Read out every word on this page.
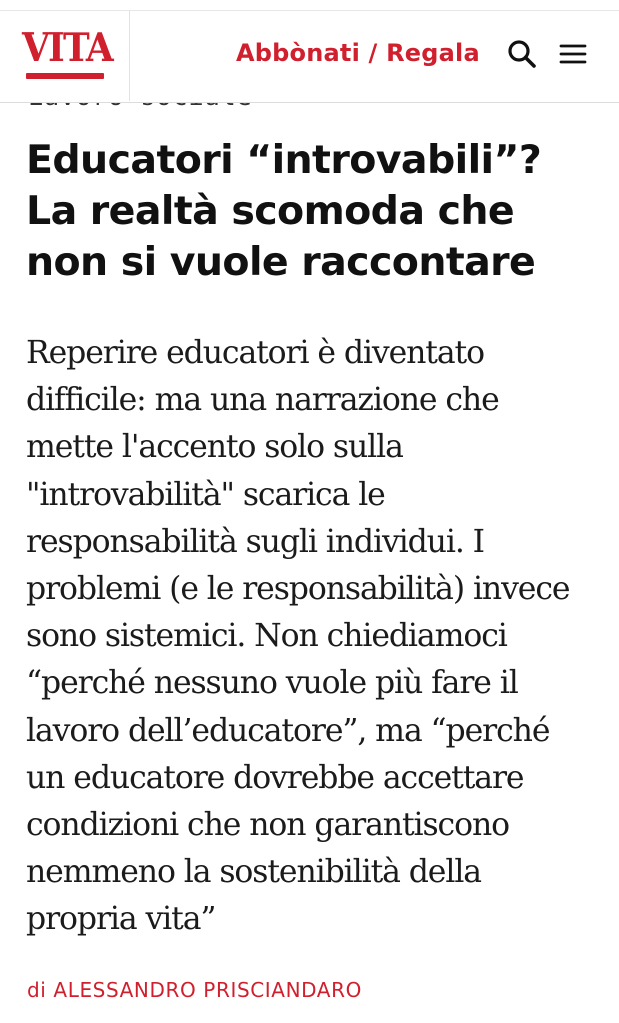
VITA	Abbònati / Regala
Educatori “introvabili”?
La realtà scomoda che
non si vuole raccontare

Reperire educatori è diventato
difficile: ma una narrazione che
mette l'accento solo sulla
"introvabilità" scarica le
responsabilità sugli individui. I
problemi (e le responsabilità) invece
sono sistemici. Non chiediamoci
“perché nessuno vuole più fare il
lavoro dell’educatore”, ma “perché
un educatore dovrebbe accettare
condizioni che non garantiscono
nemmeno la sostenibilità della
propria vita”

di ALESSANDRO PRISCIANDARO
